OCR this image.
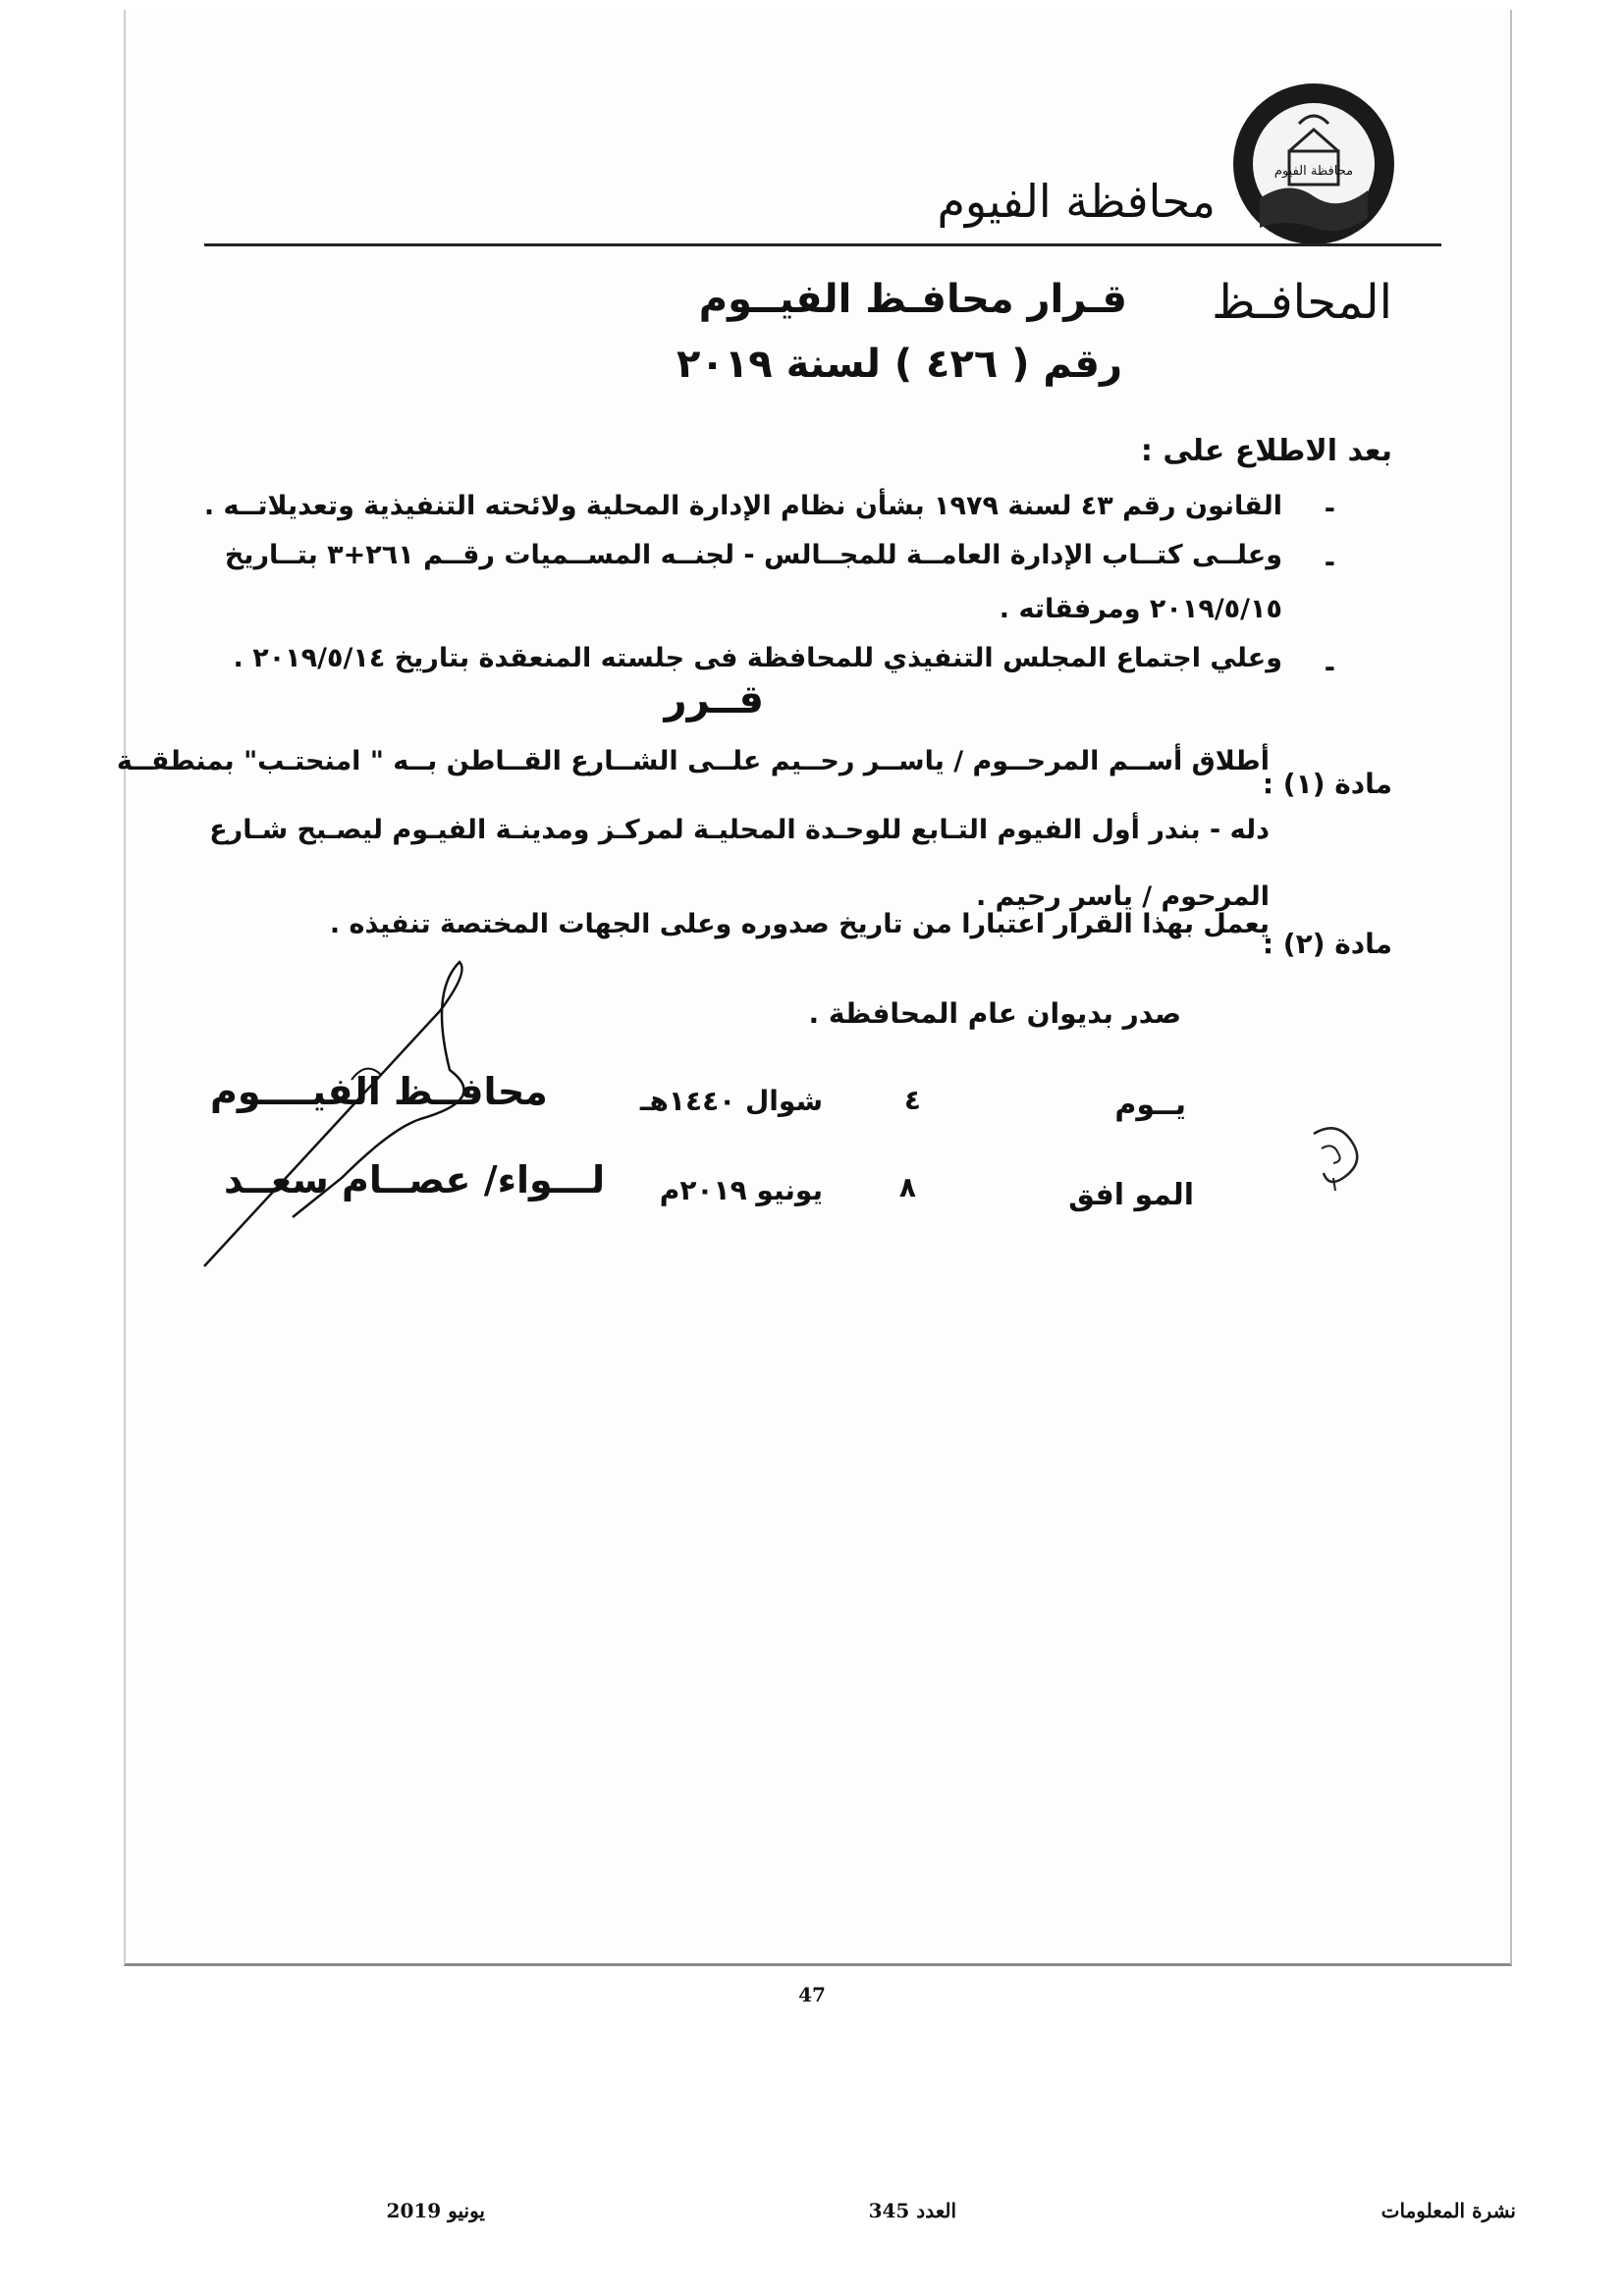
محافظة الفيوم
محافظة الفيوم
المحافـظ
قـرار محافـظ الفيــوم
رقم ( ٤٢٦ ) لسنة ٢٠١٩
بعد الاطلاع على :
-
القانون رقم ٤٣ لسنة ١٩٧٩ بشأن نظام الإدارة المحلية ولائحته التنفيذية وتعديلاتــه .
-
وعلــى كتــاب الإدارة العامــة للمجــالس - لجنــه المســميات رقــم ٢٦١+٣ بتــاريخ
٢٠١٩/٥/١٥ ومرفقاته .
-
وعلي اجتماع المجلس التنفيذي للمحافظة فى جلسته المنعقدة بتاريخ ٢٠١٩/٥/١٤ .
قــرر
مادة (١) :
أطلاق أســم المرحــوم / ياســر رحــيم علــى الشــارع القــاطن بــه " امنحتـب" بمنطقــة
دله - بندر أول الفيوم التـابع للوحـدة المحليـة لمركـز ومدينـة الفيـوم ليصـبح شـارع
المرحوم / ياسر رحيم .
مادة (٢) :
يعمل بهذا القرار اعتبارا من تاريخ صدوره وعلى الجهات المختصة تنفيذه .
صدر بديوان عام المحافظة .
يــوم
٤
شوال ١٤٤٠هـ
المو افق
٨
يونيو ٢٠١٩م
محافــظ الفيــــوم
لـــواء/ عصــام سعــد
47
نشرة المعلومات
العدد 345
يونيو 2019
